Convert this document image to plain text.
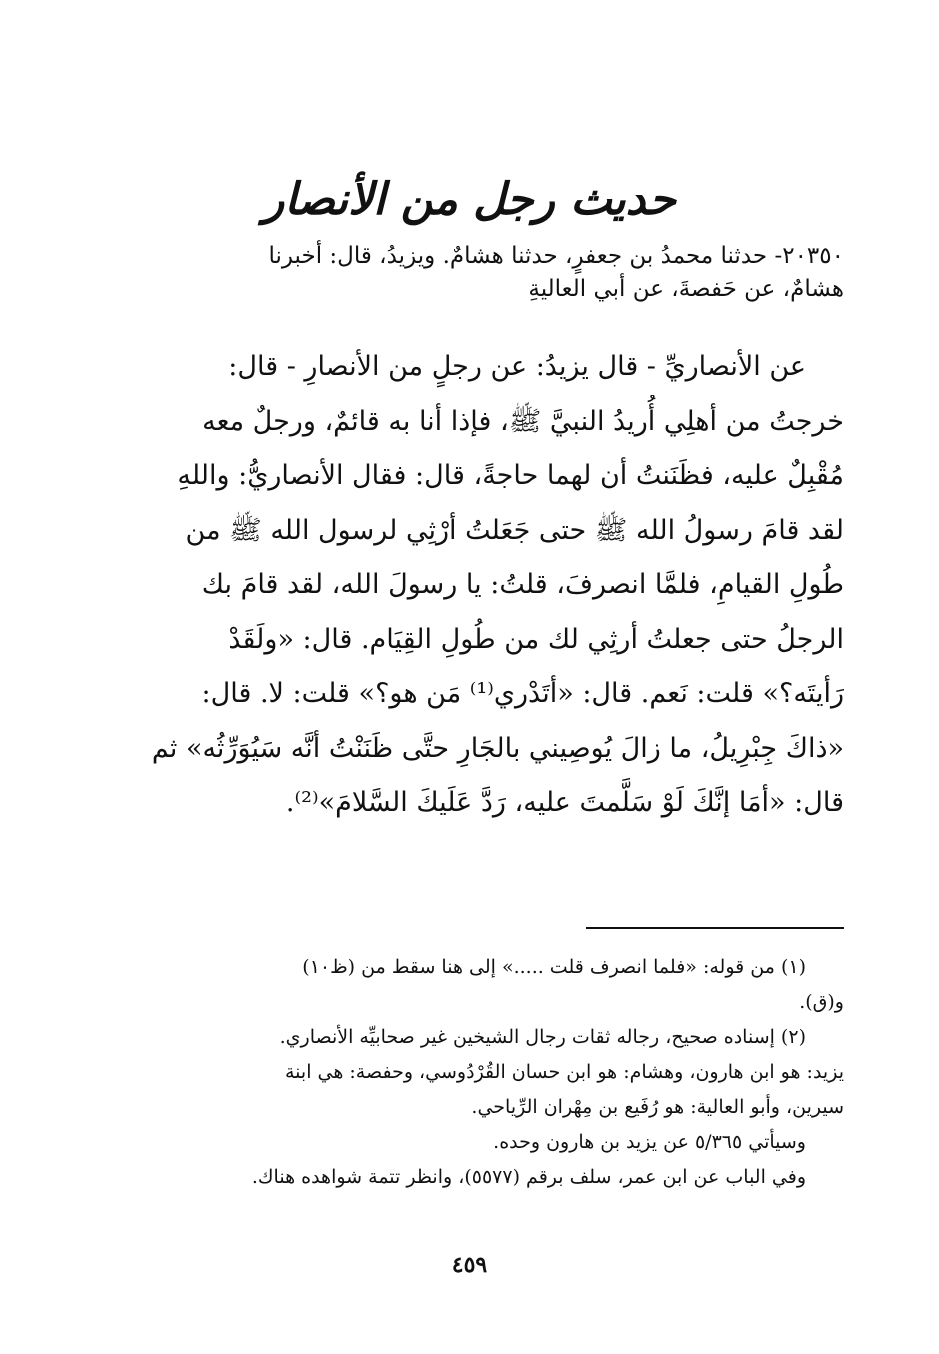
حديث رجل من الأنصار

٢٠٣٥٠- حدثنا محمدُ بن جعفرٍ، حدثنا هشامٌ. ويزيدُ، قال: أخبرنا

هشامٌ، عن حَفصةَ، عن أبي العاليةِ

عن الأنصاريِّ - قال يزيدُ: عن رجلٍ من الأنصارِ - قال:
خرجتُ من أهلِي أُريدُ النبيَّ ﷺ، فإذا أنا به قائمٌ، ورجلٌ معه
مُقْبِلٌ عليه، فظَنَنتُ أن لهما حاجةً، قال: فقال الأنصاريُّ: واللهِ
لقد قامَ رسولُ الله ﷺ حتى جَعَلتُ أرْثِي لرسول الله ﷺ من
طُولِ القيامِ، فلمَّا انصرفَ، قلتُ: يا رسولَ الله، لقد قامَ بك
الرجلُ حتى جعلتُ أرثِي لك من طُولِ القِيَام. قال: «ولَقَدْ
رَأيتَه؟» قلت: نَعم. قال: «أتَدْري⁽¹⁾ مَن هو؟» قلت: لا. قال:
«ذاكَ جِبْرِيلُ، ما زالَ يُوصِيني بالجَارِ حتَّى ظَنَنْتُ أنَّه سَيُوَرِّثُه» ثم
قال: «أمَا إنَّكَ لَوْ سَلَّمتَ عليه، رَدَّ عَلَيكَ السَّلامَ»⁽²⁾.
(١) من قوله: «فلما انصرف قلت .....» إلى هنا سقط من (ظ١٠)
و(ق).
(٢) إسناده صحيح، رجاله ثقات رجال الشيخين غير صحابيِّه الأنصاري.
يزيد: هو ابن هارون، وهشام: هو ابن حسان القُرْدُوسي، وحفصة: هي ابنة
سيرين، وأبو العالية: هو رُفَيع بن مِهْران الرِّياحي.
وسيأتي ٥/٣٦٥ عن يزيد بن هارون وحده.
وفي الباب عن ابن عمر، سلف برقم (٥٥٧٧)، وانظر تتمة شواهده هناك.
٤٥٩
